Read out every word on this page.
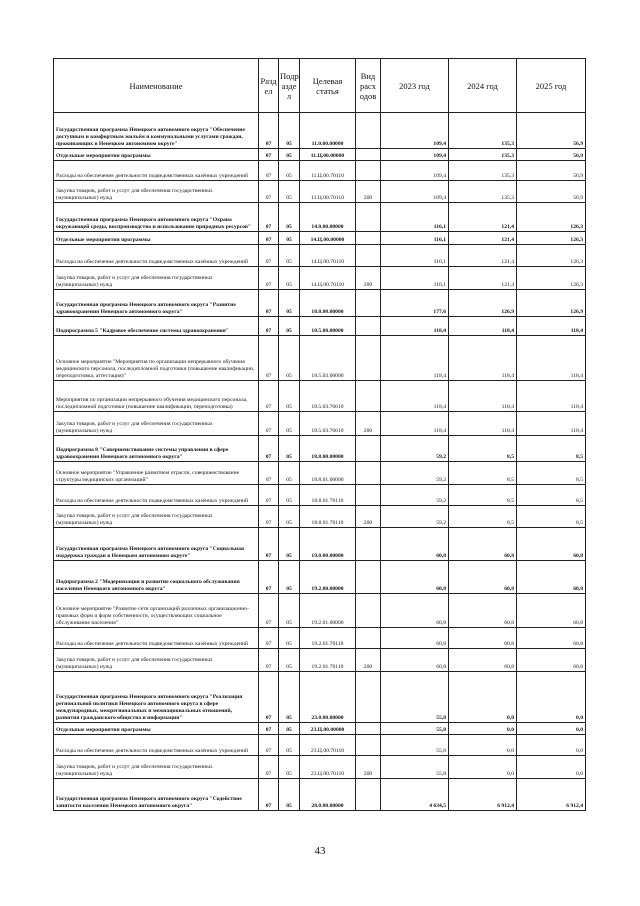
Наименование	Разд ел	Подр азде л	Целевая статья	Вид расх одов	2023 год	2024 год	2025 год
Государственная программа Ненецкого автономного округа "Обеспечение доступным и комфортным жильём и коммунальными услугами граждан, проживающих в Ненецком автономном округе"	07	05	11.0.00.00000		109,4	135,3	56,9
Отдельные мероприятия программы	07	05	11.Ц.00.00000		109,4	135,3	56,9
Расходы на обеспечение деятельности подведомственных казённых учреждений	07	05	11.Ц.00.70110		109,4	135,3	56,9
Закупка товаров, работ и услуг для обеспечения государственных (муниципальных) нужд	07	05	11.Ц.00.70110	200	109,4	135,3	56,9
Государственная программа Ненецкого автономного округа "Охрана окружающей среды, воспроизводство и использование природных ресурсов"	07	05	14.0.00.00000		116,1	121,4	126,3
Отдельные мероприятия программы	07	05	14.Ц.00.00000		116,1	121,4	126,3
Расходы на обеспечение деятельности подведомственных казённых учреждений	07	05	14.Ц.00.70110		116,1	121,4	126,3
Закупка товаров, работ и услуг для обеспечения государственных (муниципальных) нужд	07	05	14.Ц.00.70110	200	116,1	121,4	126,3
Государственная программа Ненецкого автономного округа "Развитие здравоохранения Ненецкого автономного округа"	07	05	18.0.00.00000		177,6	126,9	126,9
Подпрограмма 5 "Кадровое обеспечение системы здравоохранения"	07	05	18.5.00.00000		118,4	118,4	118,4
Основное мероприятие "Мероприятия по организации непрерывного обучения медицинского персонала, последипломной подготовки (повышение квалификации, переподготовка, аттестация)"	07	05	18.5.03.00000		118,4	118,4	118,4
Мероприятия по организации непрерывного обучения медицинского персонала, последипломной подготовки (повышение квалификации, переподготовка)	07	05	18.5.03.76610		118,4	118,4	118,4
Закупка товаров, работ и услуг для обеспечения государственных (муниципальных) нужд	07	05	18.5.03.76610	200	118,4	118,4	118,4
Подпрограмма 8 "Совершенствование системы управления в сфере здравоохранения Ненецкого автономного округа"	07	05	18.8.00.00000		59,2	8,5	8,5
Основное мероприятие "Управление развитием отрасли, совершенствование структуры медицинских организаций"	07	05	18.8.01.00000		59,2	8,5	8,5
Расходы на обеспечение деятельности подведомственных казённых учреждений	07	05	18.8.01.70110		59,2	8,5	8,5
Закупка товаров, работ и услуг для обеспечения государственных (муниципальных) нужд	07	05	18.8.01.70110	200	59,2	8,5	8,5
Государственная программа Ненецкого автономного округа "Социальная поддержка граждан в Ненецком автономном округе"	07	05	19.0.00.00000		60,8	60,8	60,8
Подпрограмма 2 "Модернизация и развитие социального обслуживания населения Ненецкого автономного округа"	07	05	19.2.00.00000		60,8	60,8	60,8
Основное мероприятие "Развитие сети организаций различных организационно-правовых форм и форм собственности, осуществляющих социальное обслуживание населения"	07	05	19.2.01.00000		60,8	60,8	60,8
Расходы на обеспечение деятельности подведомственных казённых учреждений	07	05	19.2.01.70110		60,8	60,8	60,8
Закупка товаров, работ и услуг для обеспечения государственных (муниципальных) нужд	07	05	19.2.01.70110	200	60,8	60,8	60,8
Государственная программа Ненецкого автономного округа "Реализация региональной политики Ненецкого автономного округа в сфере международных, межрегиональных и межнациональных отношений, развития гражданского общества и информации"	07	05	23.0.00.00000		55,8	0,0	0,0
Отдельные мероприятия программы	07	05	23.Ц.00.00000		55,8	0,0	0,0
Расходы на обеспечение деятельности подведомственных казённых учреждений	07	05	23.Ц.00.70110		55,8	0,0	0,0
Закупка товаров, работ и услуг для обеспечения государственных (муниципальных) нужд	07	05	23.Ц.00.70110	200	55,8	0,0	0,0
Государственная программа Ненецкого автономного округа "Содействие занятости населения Ненецкого автономного округа"	07	05	28.0.00.00000		4 634,5	6 912,4	6 912,4
43
